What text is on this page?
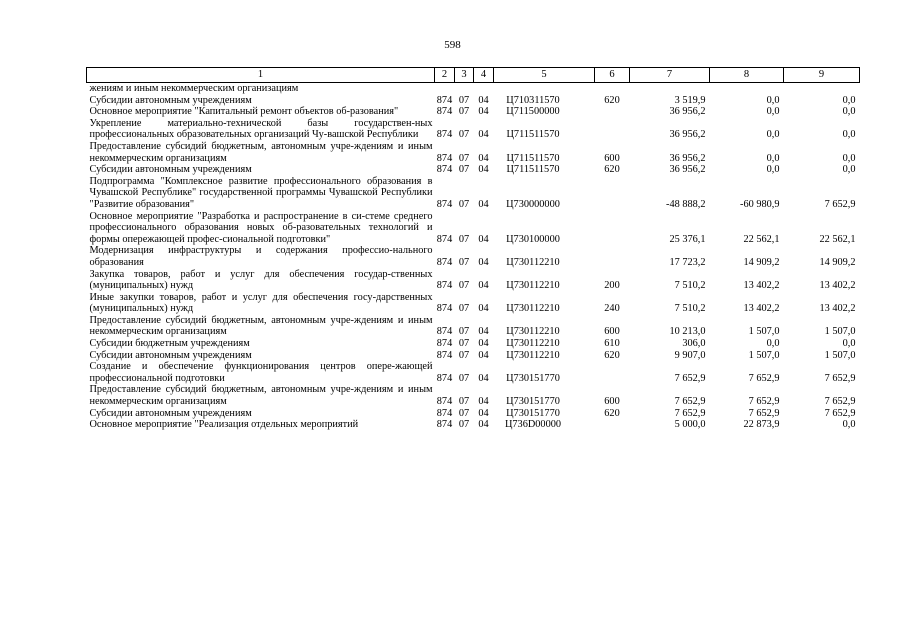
598
1	2	3	4	5	6	7	8	9
жениям и иным некоммерческим организациям								
Субсидии автономным учреждениям	874	07	04	Ц710311570	620	3 519,9	0,0	0,0
Основное мероприятие "Капитальный ремонт объектов об-разования"	874	07	04	Ц711500000		36 956,2	0,0	0,0
Укрепление материально-технической базы государствен-ных профессиональных образовательных организаций Чу-вашской Республики	874	07	04	Ц711511570		36 956,2	0,0	0,0
Предоставление субсидий бюджетным, автономным учре-ждениям и иным некоммерческим организациям	874	07	04	Ц711511570	600	36 956,2	0,0	0,0
Субсидии автономным учреждениям	874	07	04	Ц711511570	620	36 956,2	0,0	0,0
Подпрограмма "Комплексное развитие профессионального образования в Чувашской Республике" государственной программы Чувашской Республики "Развитие образования"	874	07	04	Ц730000000		-48 888,2	-60 980,9	7 652,9
Основное мероприятие "Разработка и распространение в си-стеме среднего профессионального образования новых об-разовательных технологий и формы опережающей профес-сиональной подготовки"	874	07	04	Ц730100000		25 376,1	22 562,1	22 562,1
Модернизация инфраструктуры и содержания профессио-нального образования	874	07	04	Ц730112210		17 723,2	14 909,2	14 909,2
Закупка товаров, работ и услуг для обеспечения государ-ственных (муниципальных) нужд	874	07	04	Ц730112210	200	7 510,2	13 402,2	13 402,2
Иные закупки товаров, работ и услуг для обеспечения госу-дарственных (муниципальных) нужд	874	07	04	Ц730112210	240	7 510,2	13 402,2	13 402,2
Предоставление субсидий бюджетным, автономным учре-ждениям и иным некоммерческим организациям	874	07	04	Ц730112210	600	10 213,0	1 507,0	1 507,0
Субсидии бюджетным учреждениям	874	07	04	Ц730112210	610	306,0	0,0	0,0
Субсидии автономным учреждениям	874	07	04	Ц730112210	620	9 907,0	1 507,0	1 507,0
Создание и обеспечение функционирования центров опере-жающей профессиональной подготовки	874	07	04	Ц730151770		7 652,9	7 652,9	7 652,9
Предоставление субсидий бюджетным, автономным учре-ждениям и иным некоммерческим организациям	874	07	04	Ц730151770	600	7 652,9	7 652,9	7 652,9
Субсидии автономным учреждениям	874	07	04	Ц730151770	620	7 652,9	7 652,9	7 652,9
Основное мероприятие "Реализация отдельных мероприятий	874	07	04	Ц736D00000		5 000,0	22 873,9	0,0
